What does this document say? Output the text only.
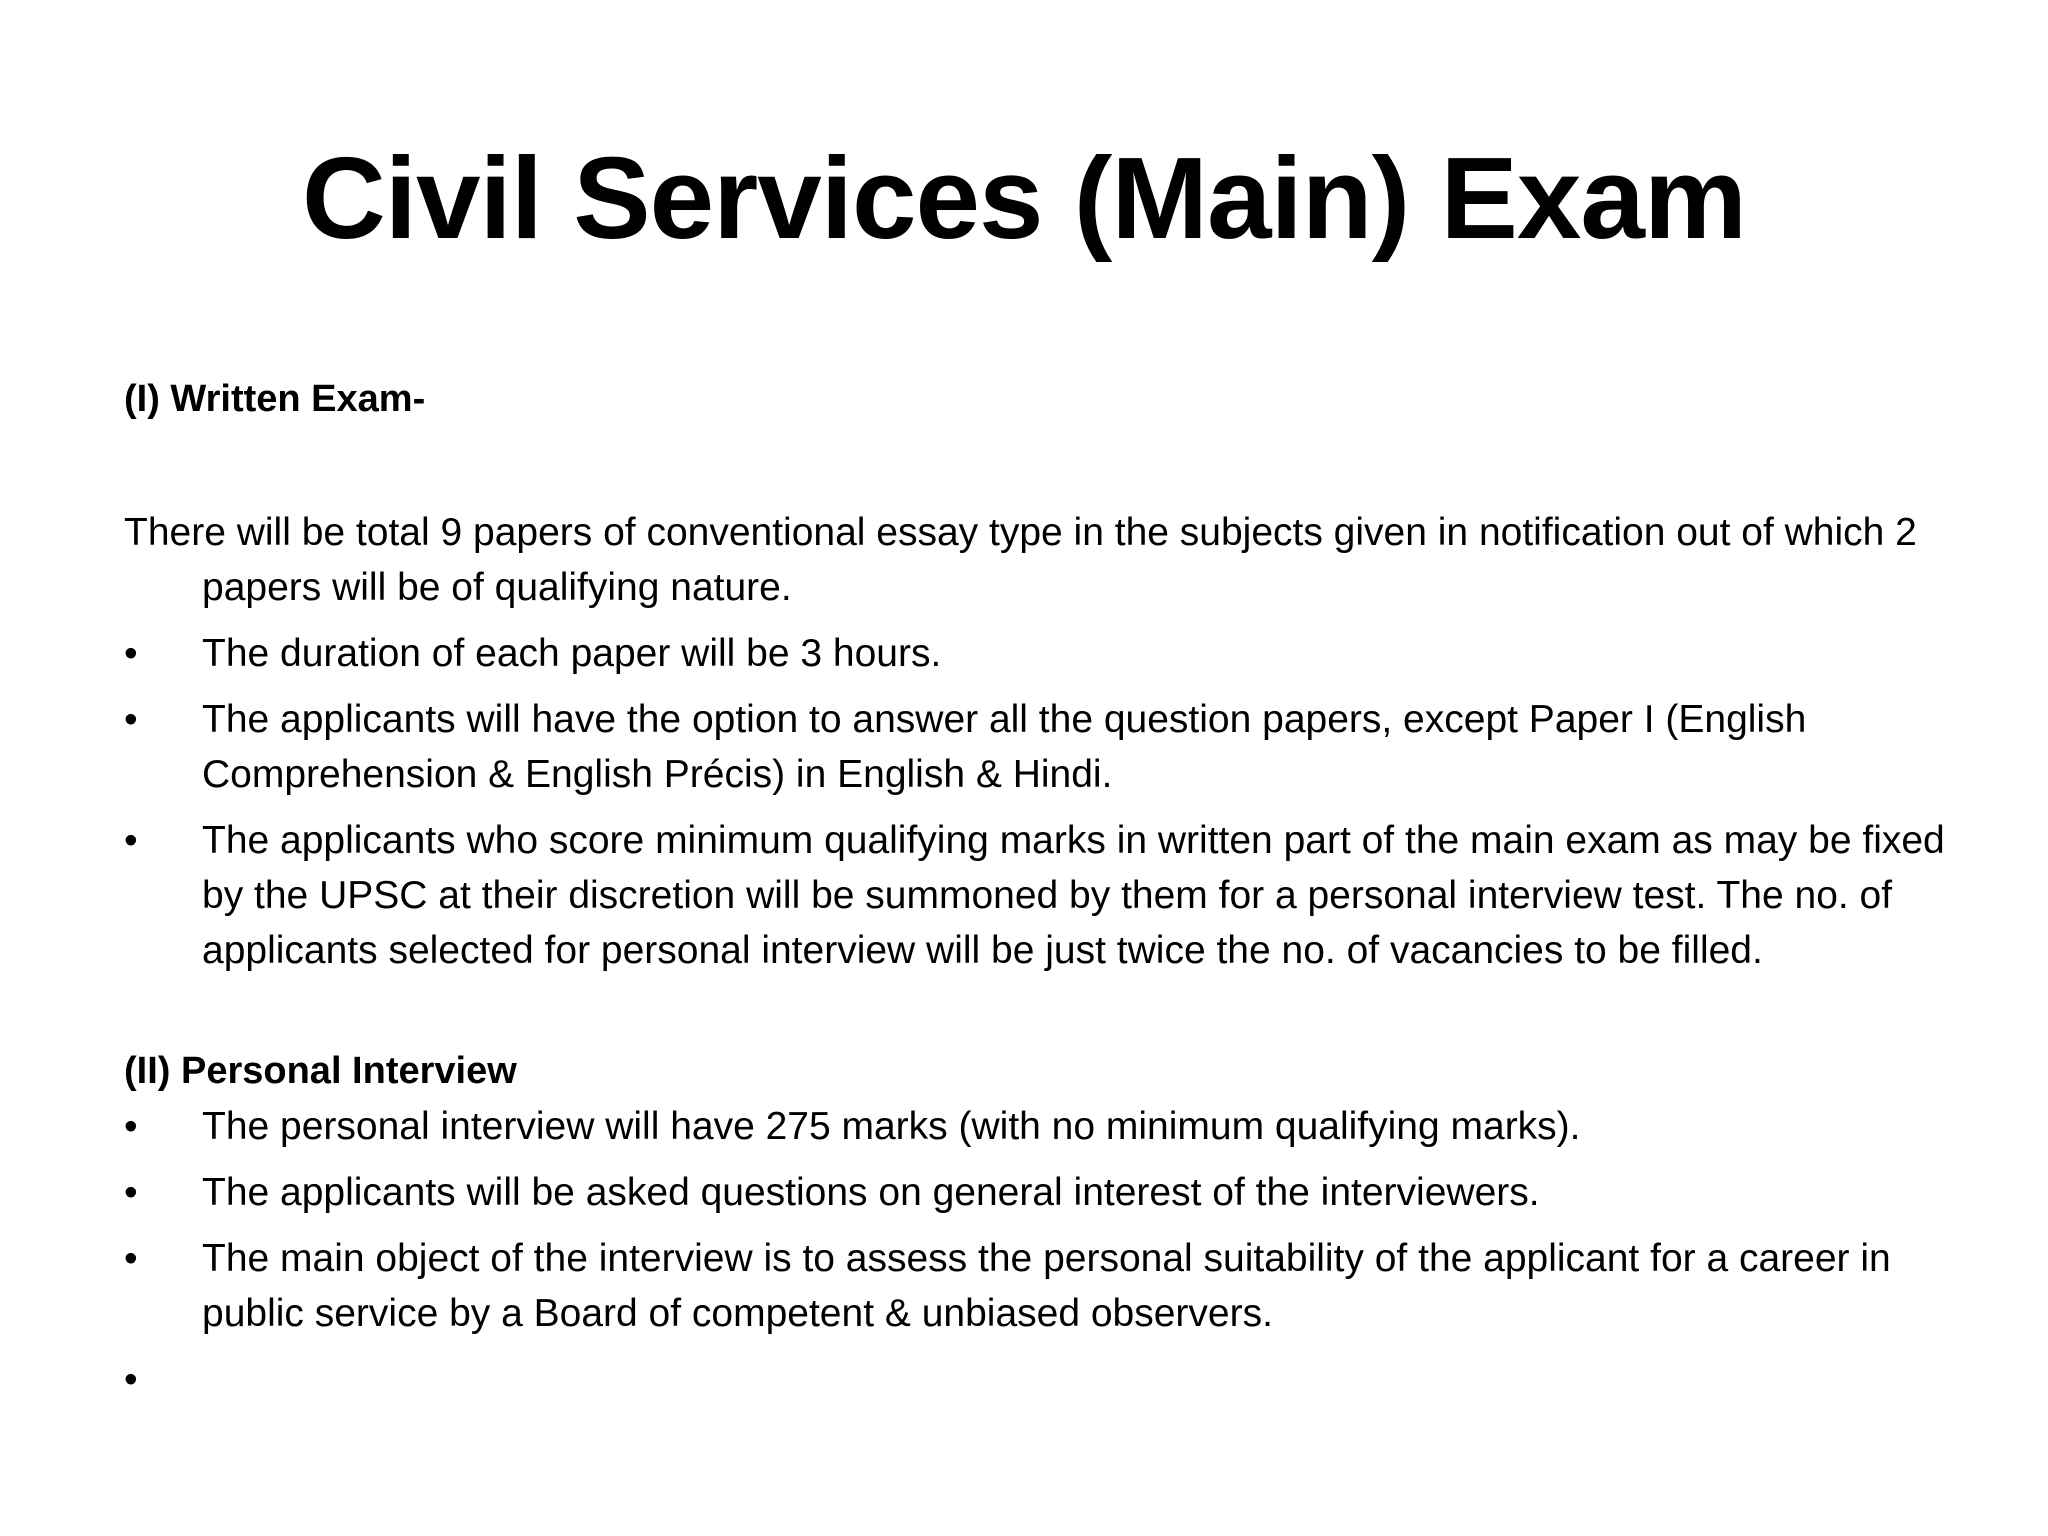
Civil Services (Main) Exam

(I) Written Exam-

There will be total 9 papers of conventional essay type in the subjects given in notification out of which 2 papers will be of qualifying nature.

•	The duration of each paper will be 3 hours.
•	The applicants will have the option to answer all the question papers, except Paper I (English Comprehension & English Précis) in English & Hindi.
•	The applicants who score minimum qualifying marks in written part of the main exam as may be fixed by the UPSC at their discretion will be summoned by them for a personal interview test. The no. of applicants selected for personal interview will be just twice the no. of vacancies to be filled.

(II) Personal Interview

•	The personal interview will have 275 marks (with no minimum qualifying marks).
•	The applicants will be asked questions on general interest of the interviewers.
•	The main object of the interview is to assess the personal suitability of the applicant for a career in public service by a Board of competent & unbiased observers.
•
